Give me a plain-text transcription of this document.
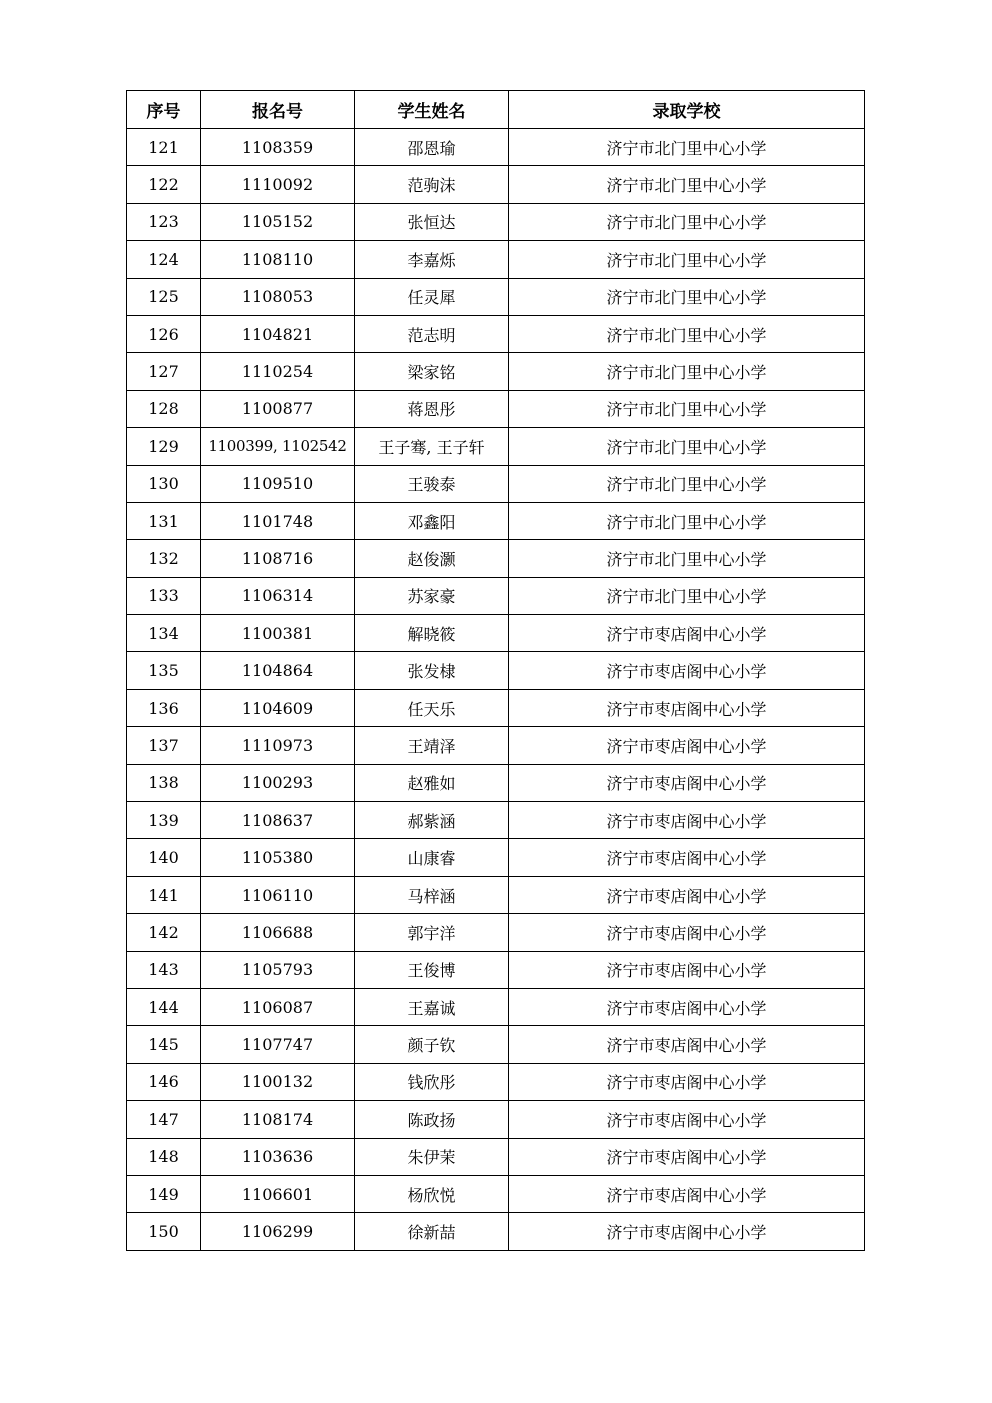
序号	报名号	学生姓名	录取学校
121	1108359	邵恩瑜	济宁市北门里中心小学
122	1110092	范驹沫	济宁市北门里中心小学
123	1105152	张恒达	济宁市北门里中心小学
124	1108110	李嘉烁	济宁市北门里中心小学
125	1108053	任灵犀	济宁市北门里中心小学
126	1104821	范志明	济宁市北门里中心小学
127	1110254	梁家铭	济宁市北门里中心小学
128	1100877	蒋恩彤	济宁市北门里中心小学
129	1100399, 1102542	王子骞, 王子轩	济宁市北门里中心小学
130	1109510	王骏泰	济宁市北门里中心小学
131	1101748	邓鑫阳	济宁市北门里中心小学
132	1108716	赵俊灏	济宁市北门里中心小学
133	1106314	苏家豪	济宁市北门里中心小学
134	1100381	解晓筱	济宁市枣店阁中心小学
135	1104864	张发棣	济宁市枣店阁中心小学
136	1104609	任天乐	济宁市枣店阁中心小学
137	1110973	王靖泽	济宁市枣店阁中心小学
138	1100293	赵雅如	济宁市枣店阁中心小学
139	1108637	郝紫涵	济宁市枣店阁中心小学
140	1105380	山康睿	济宁市枣店阁中心小学
141	1106110	马梓涵	济宁市枣店阁中心小学
142	1106688	郭宇洋	济宁市枣店阁中心小学
143	1105793	王俊博	济宁市枣店阁中心小学
144	1106087	王嘉诚	济宁市枣店阁中心小学
145	1107747	颜子钦	济宁市枣店阁中心小学
146	1100132	钱欣彤	济宁市枣店阁中心小学
147	1108174	陈政扬	济宁市枣店阁中心小学
148	1103636	朱伊茉	济宁市枣店阁中心小学
149	1106601	杨欣悦	济宁市枣店阁中心小学
150	1106299	徐新喆	济宁市枣店阁中心小学
